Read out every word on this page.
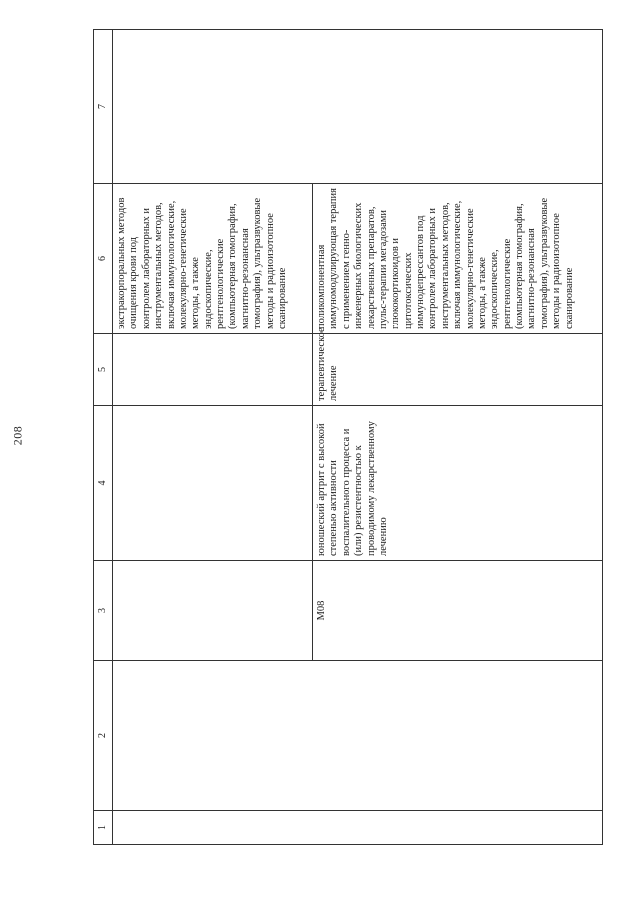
208
1	2	3	4	5	6	7
					экстракорпоральных методов очищения крови под контролем лабораторных и инструментальных методов, включая иммунологические, молекулярно-генетические методы, а также эндоскопические, рентгенологические (компьютерная томография, магнитно-резонансная томография), ультразвуковые методы и радиоизотопное сканирование	
		М08	юношеский артрит с высокой степенью активности воспалительного процесса и (или) резистентностью к проводимому лекарственному лечению	терапевтическое лечение	поликомпонентная иммуномодулирующая терапия с применением генно-инженерных биологических лекарственных препаратов, пульс-терапии мегадозами глюкокортикоидов и цитотоксических иммунодепрессантов под контролем лабораторных и инструментальных методов, включая иммунологические, молекулярно-генетические методы, а также эндоскопические, рентгенологические (компьютерная томография, магнитно-резонансная томография), ультразвуковые методы и радиоизотопное сканирование	
